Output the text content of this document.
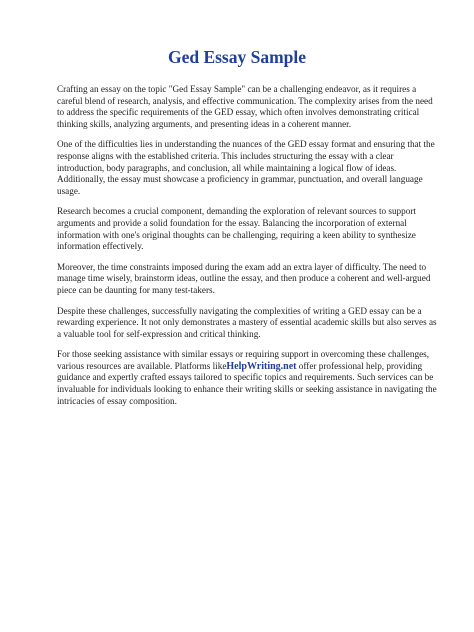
Ged Essay Sample

Crafting an essay on the topic "Ged Essay Sample" can be a challenging endeavor, as it requires a careful blend of research, analysis, and effective communication. The complexity arises from the need to address the specific requirements of the GED essay, which often involves demonstrating critical thinking skills, analyzing arguments, and presenting ideas in a coherent manner.

One of the difficulties lies in understanding the nuances of the GED essay format and ensuring that the response aligns with the established criteria. This includes structuring the essay with a clear introduction, body paragraphs, and conclusion, all while maintaining a logical flow of ideas. Additionally, the essay must showcase a proficiency in grammar, punctuation, and overall language usage.

Research becomes a crucial component, demanding the exploration of relevant sources to support arguments and provide a solid foundation for the essay. Balancing the incorporation of external information with one's original thoughts can be challenging, requiring a keen ability to synthesize information effectively.

Moreover, the time constraints imposed during the exam add an extra layer of difficulty. The need to manage time wisely, brainstorm ideas, outline the essay, and then produce a coherent and well-argued piece can be daunting for many test-takers.

Despite these challenges, successfully navigating the complexities of writing a GED essay can be a rewarding experience. It not only demonstrates a mastery of essential academic skills but also serves as a valuable tool for self-expression and critical thinking.

For those seeking assistance with similar essays or requiring support in overcoming these challenges, various resources are available. Platforms likeHelpWriting.net offer professional help, providing guidance and expertly crafted essays tailored to specific topics and requirements. Such services can be invaluable for individuals looking to enhance their writing skills or seeking assistance in navigating the intricacies of essay composition.
